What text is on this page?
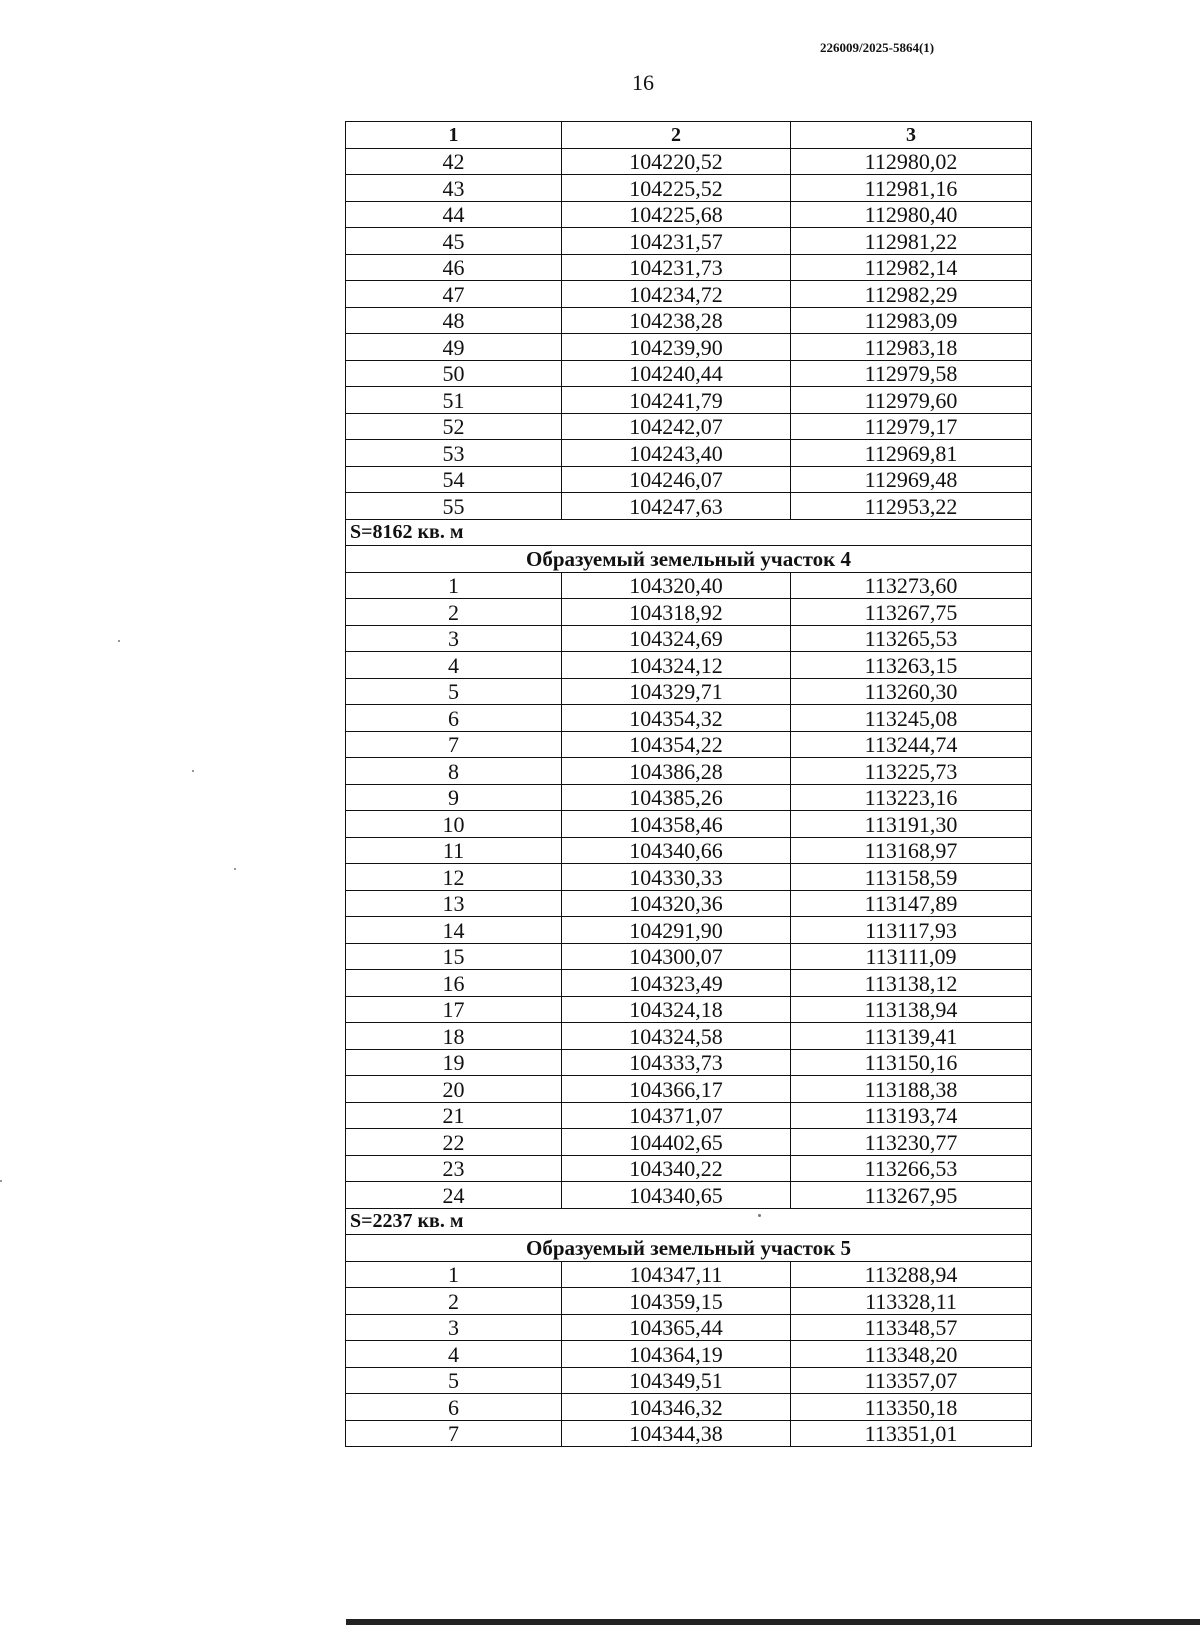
226009/2025-5864(1)
16
1	2	3
42	104220,52	112980,02
43	104225,52	112981,16
44	104225,68	112980,40
45	104231,57	112981,22
46	104231,73	112982,14
47	104234,72	112982,29
48	104238,28	112983,09
49	104239,90	112983,18
50	104240,44	112979,58
51	104241,79	112979,60
52	104242,07	112979,17
53	104243,40	112969,81
54	104246,07	112969,48
55	104247,63	112953,22
S=8162 кв. м		
Образуемый земельный участок 4		
1	104320,40	113273,60
2	104318,92	113267,75
3	104324,69	113265,53
4	104324,12	113263,15
5	104329,71	113260,30
6	104354,32	113245,08
7	104354,22	113244,74
8	104386,28	113225,73
9	104385,26	113223,16
10	104358,46	113191,30
11	104340,66	113168,97
12	104330,33	113158,59
13	104320,36	113147,89
14	104291,90	113117,93
15	104300,07	113111,09
16	104323,49	113138,12
17	104324,18	113138,94
18	104324,58	113139,41
19	104333,73	113150,16
20	104366,17	113188,38
21	104371,07	113193,74
22	104402,65	113230,77
23	104340,22	113266,53
24	104340,65	113267,95
S=2237 кв. м		
Образуемый земельный участок 5		
1	104347,11	113288,94
2	104359,15	113328,11
3	104365,44	113348,57
4	104364,19	113348,20
5	104349,51	113357,07
6	104346,32	113350,18
7	104344,38	113351,01
